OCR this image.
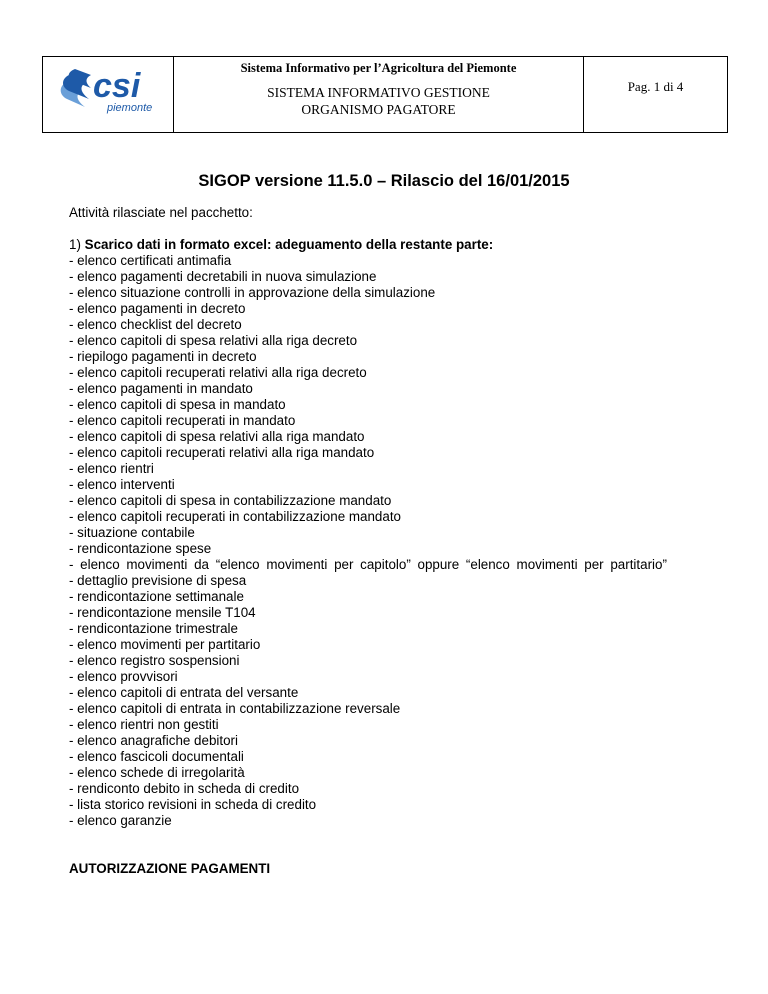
csi
piemonte

Sistema Informativo per l’Agricoltura del Piemonte
SISTEMA INFORMATIVO GESTIONE
ORGANISMO PAGATORE

Pag. 1 di 4
SIGOP versione 11.5.0 – Rilascio del 16/01/2015

Attività rilasciate nel pacchetto:

1) Scarico dati in formato excel: adeguamento della restante parte:

- elenco certificati antimafia
- elenco pagamenti decretabili in nuova simulazione
- elenco situazione controlli in approvazione della simulazione
- elenco pagamenti in decreto
- elenco checklist del decreto
- elenco capitoli di spesa relativi alla riga decreto
- riepilogo pagamenti in decreto
- elenco capitoli recuperati relativi alla riga decreto
- elenco pagamenti in mandato
- elenco capitoli di spesa in mandato
- elenco capitoli recuperati in mandato
- elenco capitoli di spesa relativi alla riga mandato
- elenco capitoli recuperati relativi alla riga mandato
- elenco rientri
- elenco interventi
- elenco capitoli di spesa in contabilizzazione mandato
- elenco capitoli recuperati in contabilizzazione mandato
- situazione contabile
- rendicontazione spese
- elenco movimenti da “elenco movimenti per capitolo” oppure “elenco movimenti per partitario”
- dettaglio previsione di spesa
- rendicontazione settimanale
- rendicontazione mensile T104
- rendicontazione trimestrale
- elenco movimenti per partitario
- elenco registro sospensioni
- elenco provvisori
- elenco capitoli di entrata del versante
- elenco capitoli di entrata in contabilizzazione reversale
- elenco rientri non gestiti
- elenco anagrafiche debitori
- elenco fascicoli documentali
- elenco schede di irregolarità
- rendiconto debito in scheda di credito
- lista storico revisioni in scheda di credito
- elenco garanzie

AUTORIZZAZIONE PAGAMENTI
